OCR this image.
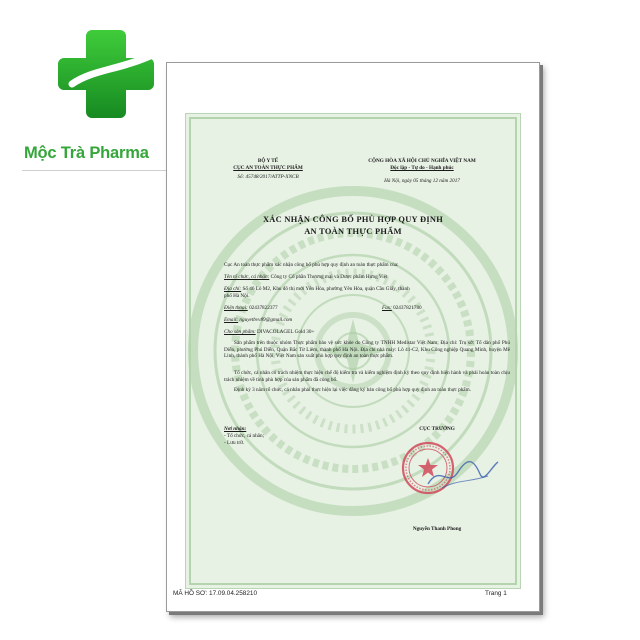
Mộc Trà Pharma	BỘ Y TẾ
CỤC AN TOÀN THỰC PHẨM
Số: 45748/2017/ATTP-XNCB
CỘNG HÒA XÃ HỘI CHỦ NGHĨA VIỆT NAM
Độc lập - Tự do - Hạnh phúc
Hà Nội, ngày 05 tháng 12 năm 2017
XÁC NHẬN CÔNG BỐ PHÙ HỢP QUY ĐỊNH
AN TOÀN THỰC PHẨM
Cục An toàn thực phẩm xác nhận công bố phù hợp quy định an toàn thực phẩm của:
Tên tổ chức, cá nhân: Công ty Cổ phần Thương mại và Dược phẩm Hưng Việt
Địa chỉ: Số 46 Lô M2, Khu đô thị mới Yên Hòa, phường Yên Hòa, quận Cầu Giấy, thành
phố Hà Nội.
Điện thoại: 02437822377	Fax: 02437821780
Email: nguyetbvv89@gmail.com
Cho sản phẩm: DIVACOLAGEL Gold 30+
Sản phẩm trên thuộc nhóm Thực phẩm bảo vệ sức khỏe do Công ty TNHH Medistar Việt Nam; Địa chỉ: Trụ sở: Tổ dân phố Phú Diễn, phường Phú Diễn, Quận Bắc Từ Liêm, thành phố Hà Nội. Địa chỉ nhà máy: Lô 41-C2, Khu Công nghiệp Quang Minh, huyện Mê Linh, thành phố Hà Nội, Việt Nam sản xuất phù hợp quy định an toàn thực phẩm.
Tổ chức, cá nhân có trách nhiệm thực hiện chế độ kiểm tra và kiểm nghiệm định kỳ theo quy định hiện hành và phải hoàn toàn chịu trách nhiệm về tính phù hợp của sản phẩm đã công bố.
Định kỳ 3 năm tổ chức, cá nhân phải thực hiện lại việc đăng ký bản công bố phù hợp quy định an toàn thực phẩm.
Nơi nhận:
- Tổ chức, cá nhân;
- Lưu trữ.
CỤC TRƯỞNG
Nguyễn Thanh Phong
MÃ HỒ SƠ: 17.09.04.258210	Trang 1
